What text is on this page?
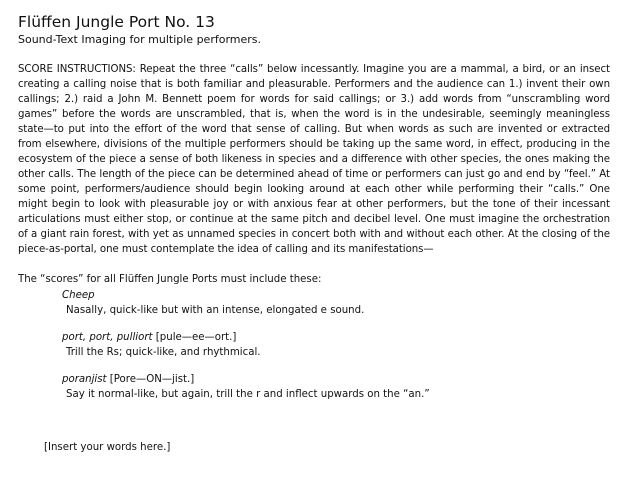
Flüffen Jungle Port No. 13
Sound-Text Imaging for multiple performers.

SCORE INSTRUCTIONS: Repeat the three “calls” below incessantly. Imagine you are a mammal, a bird, or an insect creating a calling noise that is both familiar and pleasurable. Performers and the audience can 1.) invent their own callings; 2.) raid a John M. Bennett poem for words for said callings; or 3.) add words from “unscrambling word games” before the words are unscrambled, that is, when the word is in the undesirable, seemingly meaningless state—to put into the effort of the word that sense of calling. But when words as such are invented or extracted from elsewhere, divisions of the multiple performers should be taking up the same word, in effect, producing in the ecosystem of the piece a sense of both likeness in species and a difference with other species, the ones making the other calls. The length of the piece can be determined ahead of time or performers can just go and end by “feel.” At some point, performers/audience should begin looking around at each other while performing their “calls.” One might begin to look with pleasurable joy or with anxious fear at other performers, but the tone of their incessant articulations must either stop, or continue at the same pitch and decibel level. One must imagine the orchestration of a giant rain forest, with yet as unnamed species in concert both with and without each other. At the closing of the piece-as-portal, one must contemplate the idea of calling and its manifestations—

The “scores” for all Flüffen Jungle Ports must include these:

Cheep
Nasally, quick-like but with an intense, elongated e sound.
port, port, pulliort [pule—ee—ort.]
Trill the Rs; quick-like, and rhythmical.
poranjist [Pore—ON—jist.]
Say it normal-like, but again, trill the r and inflect upwards on the “an.”

[Insert your words here.]
